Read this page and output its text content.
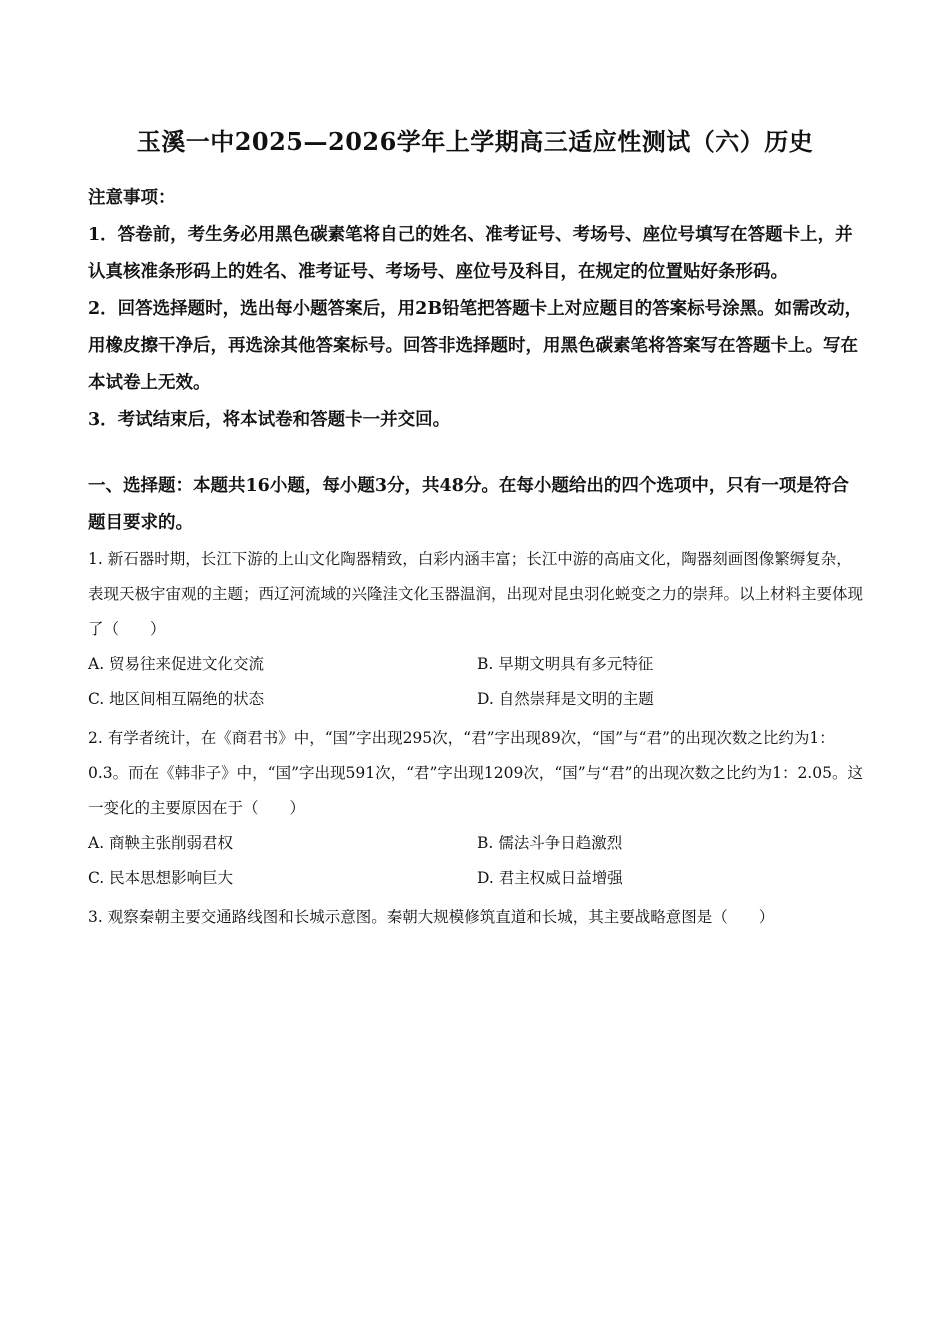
玉溪一中2025—2026学年上学期高三适应性测试（六）历史

注意事项：

1．答卷前，考生务必用黑色碳素笔将自己的姓名、准考证号、考场号、座位号填写在答题卡上，并认真核准条形码上的姓名、准考证号、考场号、座位号及科目，在规定的位置贴好条形码。

2．回答选择题时，选出每小题答案后，用2B铅笔把答题卡上对应题目的答案标号涂黑。如需改动，用橡皮擦干净后，再选涂其他答案标号。回答非选择题时，用黑色碳素笔将答案写在答题卡上。写在本试卷上无效。

3．考试结束后，将本试卷和答题卡一并交回。

一、选择题：本题共16小题，每小题3分，共48分。在每小题给出的四个选项中，只有一项是符合题目要求的。

1. 新石器时期，长江下游的上山文化陶器精致，白彩内涵丰富；长江中游的高庙文化，陶器刻画图像繁缛复杂，表现天极宇宙观的主题；西辽河流域的兴隆洼文化玉器温润，出现对昆虫羽化蜕变之力的崇拜。以上材料主要体现了（　　）

A. 贸易往来促进文化交流	B. 早期文明具有多元特征
C. 地区间相互隔绝的状态	D. 自然崇拜是文明的主题

2. 有学者统计，在《商君书》中，“国”字出现295次，“君”字出现89次，“国”与“君”的出现次数之比约为1：0.3。而在《韩非子》中，“国”字出现591次，“君”字出现1209次，“国”与“君”的出现次数之比约为1：2.05。这一变化的主要原因在于（　　）

A. 商鞅主张削弱君权	B. 儒法斗争日趋激烈
C. 民本思想影响巨大	D. 君主权威日益增强

3. 观察秦朝主要交通路线图和长城示意图。秦朝大规模修筑直道和长城，其主要战略意图是（　　）
